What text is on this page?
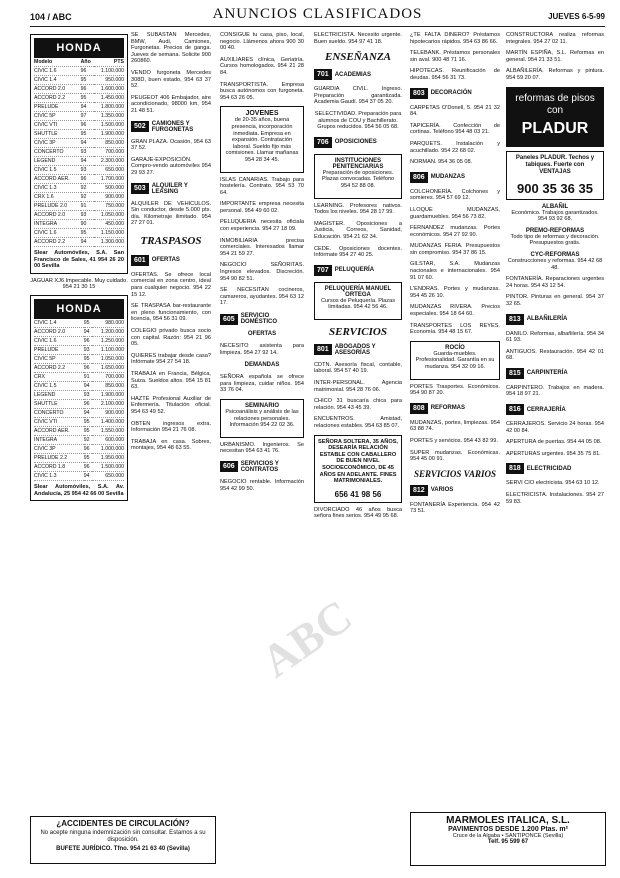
104 / ABC	ANUNCIOS CLASIFICADOS	JUEVES 6-5-99
HONDA
Modelo	Año	PTS
CIVIC 1.6	96	1.100.000
CIVIC 1.4	95	950.000
ACCORD 2.0	96	1.600.000
ACCORD 2.2	95	1.450.000
PRELUDE	94	1.800.000
CIVIC 5P	97	1.350.000
CIVIC VTI	96	1.500.000
SHUTTLE	95	1.900.000
CIVIC 3P	94	850.000
CONCERTO	93	700.000
LEGEND	94	2.300.000
CIVIC 1.5	93	650.000
ACCORD AER.	96	1.700.000
CIVIC 1.3	92	500.000
CRX 1.6	92	900.000
PRELUDE 2.0	91	750.000
ACCORD 2.0	93	1.050.000
INTEGRA	90	450.000
CIVIC 1.6	95	1.150.000
ACCORD 2.2	94	1.300.000

Slear Automóviles, S.A. San Francisco de Sales, 41 954 26 20 00 Sevilla

JAGUAR XJ6 Impecable. Muy cuidado. 954 21 30 15

HONDA
CIVIC 1.4	95	980.000
ACCORD 2.0	94	1.200.000
CIVIC 1.6	96	1.250.000
PRELUDE	93	1.100.000
CIVIC 5P	95	1.050.000
ACCORD 2.2	96	1.650.000
CRX	91	700.000
CIVIC 1.5	94	850.000
LEGEND	93	1.900.000
SHUTTLE	96	2.100.000
CONCERTO	94	900.000
CIVIC VTI	95	1.400.000
ACCORD AER.	95	1.550.000
INTEGRA	92	600.000
CIVIC 3P	96	1.000.000
PRELUDE 2.2	95	1.950.000
ACCORD 1.8	96	1.500.000
CIVIC 1.3	94	650.000

Slear Automóviles, S.A. Av. Andalucía, 25 954 42 66 00 Sevilla

SE SUBASTAN Mercedes, BMW, Audi, Camiones, Furgonetas. Precios de ganga. Jueves de semana. Solicite 900 260860.

VENDO furgoneta Mercedes 308D, buen estado, 954 63 37 52.

PEUGEOT 406 Embajador, aire acondicionado, 98000 km, 954 21 48 51.

502	CAMIONES Y FURGONETAS

GRAN PLAZA. Ocasión, 954 63 37 52.

GARAJE-EXPOSICIÓN. Compro-vendo automóviles 954 29 93 27.

503	ALQUILER Y LEASING

ALQUILER DE VEHICULOS. Sin conductor, desde 5.000 pts. día. Kilometraje ilimitado. 954 27 27 01.

TRASPASOS
601	OFERTAS

OFERTAS. Se ofrece local comercial en zona centro, ideal para cualquier negocio. 954 22 15 12.

SE TRASPASA bar-restaurante en pleno funcionamiento, con licencia, 954 56 31 09.

COLEGIO privado busca socio con capital. Razón: 954 21 96 05.

QUIERES trabajar desde casa? Infórmate 954 27 54 18.

TRABAJA en Francia, Bélgica, Suiza. Sueldos altos. 954 15 81 63.

HAZTE Profesional Auxiliar de Enfermería. Titulación oficial. 954 63 49 52.

OBTEN ingresos extra. Información 954 21 76 08.

TRABAJA en casa. Sobres, montajes, 954 48 63 55.

CONSIGUE tu casa, piso, local, negocio. Llámenos ahora 900 30 00 40.

AUXILIARES clínica, Geriatría. Cursos homologados. 954 21 28 84.

TRANSPORTISTA. Empresa busca autónomos con furgoneta. 954 63 26 05.

JOVENES

de 20-35 años, buena presencia, incorporación inmediata. Empresa en expansión. Contratación laboral. Sueldo fijo más comisiones. Llamar mañanas 954 28 34 45.

ISLAS CANARIAS. Trabajo para hostelería. Contrato. 954 53 70 64.

IMPORTANTE empresa necesita personal. 954 49 60 02.

PELUQUERIA necesita oficiala con experiencia. 954 27 18 09.

INMOBILIARIA precisa comerciales. Interesados llamar 954 21 59 27.

NEGOCIO SEÑORITAS. Ingresos elevados. Discreción. 954 90 82 51.

SE NECESITAN cocineros, camareros, ayudantes. 954 63 12 17.

605	SERVICIO DOMÉSTICO
OFERTAS

NECESITO asistenta para limpieza. 954 27 92 14.

DEMANDAS

SEÑORA española se ofrece para limpieza, cuidar niños. 954 33 76 04.

SEMINARIO

Psicoanálisis y análisis de las relaciones personales. Información 954 22 02 36.

URBANISMO. Ingenieros. Se necesitan 954 63 41 76.

606	SERVICIOS Y CONTRATOS

NEGOCIO rentable. Información 954 42 99 50.

ELECTRICISTA. Necesito urgente. Buen sueldo. 954 97 41 18.

ENSEÑANZA
701	ACADEMIAS

GUARDIA CIVIL. Ingreso. Preparación garantizada. Academia Gaudí. 954 37 05 20.

SELECTIVIDAD. Preparación para alumnos de COU y Bachillerato. Grupos reducidos. 954 56 05 68.

706	OPOSICIONES
INSTITUCIONES PENITENCIARIAS

Preparación de oposiciones. Plazas convocadas. Teléfono 954 52 88 08.

LEARNING. Profesores nativos. Todos los niveles. 954 28 17 99.

MAGISTER. Oposiciones a Justicia, Correos, Sanidad, Educación. 954 21 62 34.

CEDE. Oposiciones docentes. Infórmate 954 27 40 25.

707	PELUQUERÍA
PELUQUERÍA MANUEL ORTEGA

Cursos de Peluquería. Plazas limitadas. 954 42 56 46.

SERVICIOS
801	ABOGADOS Y ASESORÍAS

CDTN. Asesoría fiscal, contable, laboral. 954 57 40 19.

INTER-PERSONAL. Agencia matrimonial. 954 28 76 06.

CHICO 31 buscaría chica para relación. 954 43 45 39.

ENCUENTROS. Amistad, relaciones estables. 954 63 85 07.

SEÑORA SOLTERA, 35 AÑOS, DESEARÍA RELACIÓN ESTABLE CON CABALLERO DE BUEN NIVEL SOCIOECONÓMICO, DE 45 AÑOS EN ADELANTE. FINES MATRIMONIALES.

656 41 98 56

DIVORCIADO 46 años busca señora fines serios. 954 49 95 68.

¿TE FALTA DINERO? Préstamos hipotecarios rápidos. 954 63 86 66.

TELEBANK. Préstamos personales sin aval. 900 48 71 16.

HIPOTECAS. Reunificación de deudas. 954 56 31 73.

803	DECORACIÓN

CARPETAS O'Donell, 5. 954 21 32 84.

TAPICERÍA. Confección de cortinas. Teléfono 954 48 03 21.

PARQUETS. Instalación y acuchillado. 954 22 68 02.

NORMAN. 954 36 05 08.

806	MUDANZAS

COLCHONERÍA. Colchones y somieres. 954 57 69 12.

LLOQUE MUDANZAS, guardamuebles. 954 56 73 82.

FERNANDEZ mudanzas. Portes económicos. 954 27 92 90.

MUDANZAS FERIA. Presupuestos sin compromiso. 954 37 86 15.

GILSTAR, S.A. Mudanzas nacionales e internacionales. 954 91 07 60.

L'ENDRAS. Portes y mudanzas. 954 45 26 10.

MUDANZAS RIVERA. Precios especiales. 954 18 64 60.

TRANSPORTES LOS REYES. Economía. 954 48 15 67.

ROCÍO

Guarda-muebles. Profesionalidad. Garantía en su mudanza. 954 32 09 16.

PORTES Trasportes. Económicos. 954 90 87 20.

808	REFORMAS

MUDANZAS, portes, limpiezas. 954 63 88 74.

PORTES y servicios. 954 43 82 99.

SUPER mudanzas. Económicas. 954 45 00 91.

SERVICIOS VARIOS
812	VARIOS

FONTANERÍA Experiencia. 954 42 73 51.

CONSTRUCTORA realiza reformas integrales. 954 27 02 11.

MARTÍN ESPIÑA, S.L. Reformas en general. 954 21 33 51.

ALBAÑILERÍA. Reformas y pintura. 954 59 20 07.

reformas de pisos con
PLADUR

Paneles PLADUR. Techos y tabiques. Fuerte con VENTAJAS

900 35 36 35
ALBAÑIL

Económico. Trabajos garantizados. 954 93 92 68.

PREMO-REFORMAS

Todo tipo de reformas y decoración. Presupuestos gratis.

CYC-REFORMAS

Construcciones y reformas. 954 42 68 48.

FONTANERÍA. Reparaciones urgentes 24 horas. 954 43 12 54.

PINTOR. Pinturas en general. 954 37 32 65.

813	ALBAÑILERÍA

DANILO. Reformas, albañilería. 954 34 61 93.

ANTIGUOS. Restauración. 954 42 01 68.

815	CARPINTERÍA

CARPINTERO. Trabajos en madera. 954 18 97 21.

816	CERRAJERÍA

CERRAJEROS. Servicio 24 horas. 954 42 00 84.

APERTURA de puertas. 954 44 05 08.

APERTURAS urgentes. 954 35 75 81.

818	ELECTRICIDAD

SERVI CIO electricista. 954 63 10 12.

ELECTRICISTA. Instalaciones. 954 27 59 83.

¿ACCIDENTES DE CIRCULACIÓN?
No acepte ninguna indemnización sin consultar. Estamos a su disposición.
BUFETE JURÍDICO. Tfno. 954 21 63 40 (Sevilla)
MARMOLES ITALICA, S.L.
PAVIMENTOS DESDE 1.200 Ptas. m²
Cruce de la Algaba • SANTIPONCE (Sevilla)
Telf. 95 599 67
ABC
